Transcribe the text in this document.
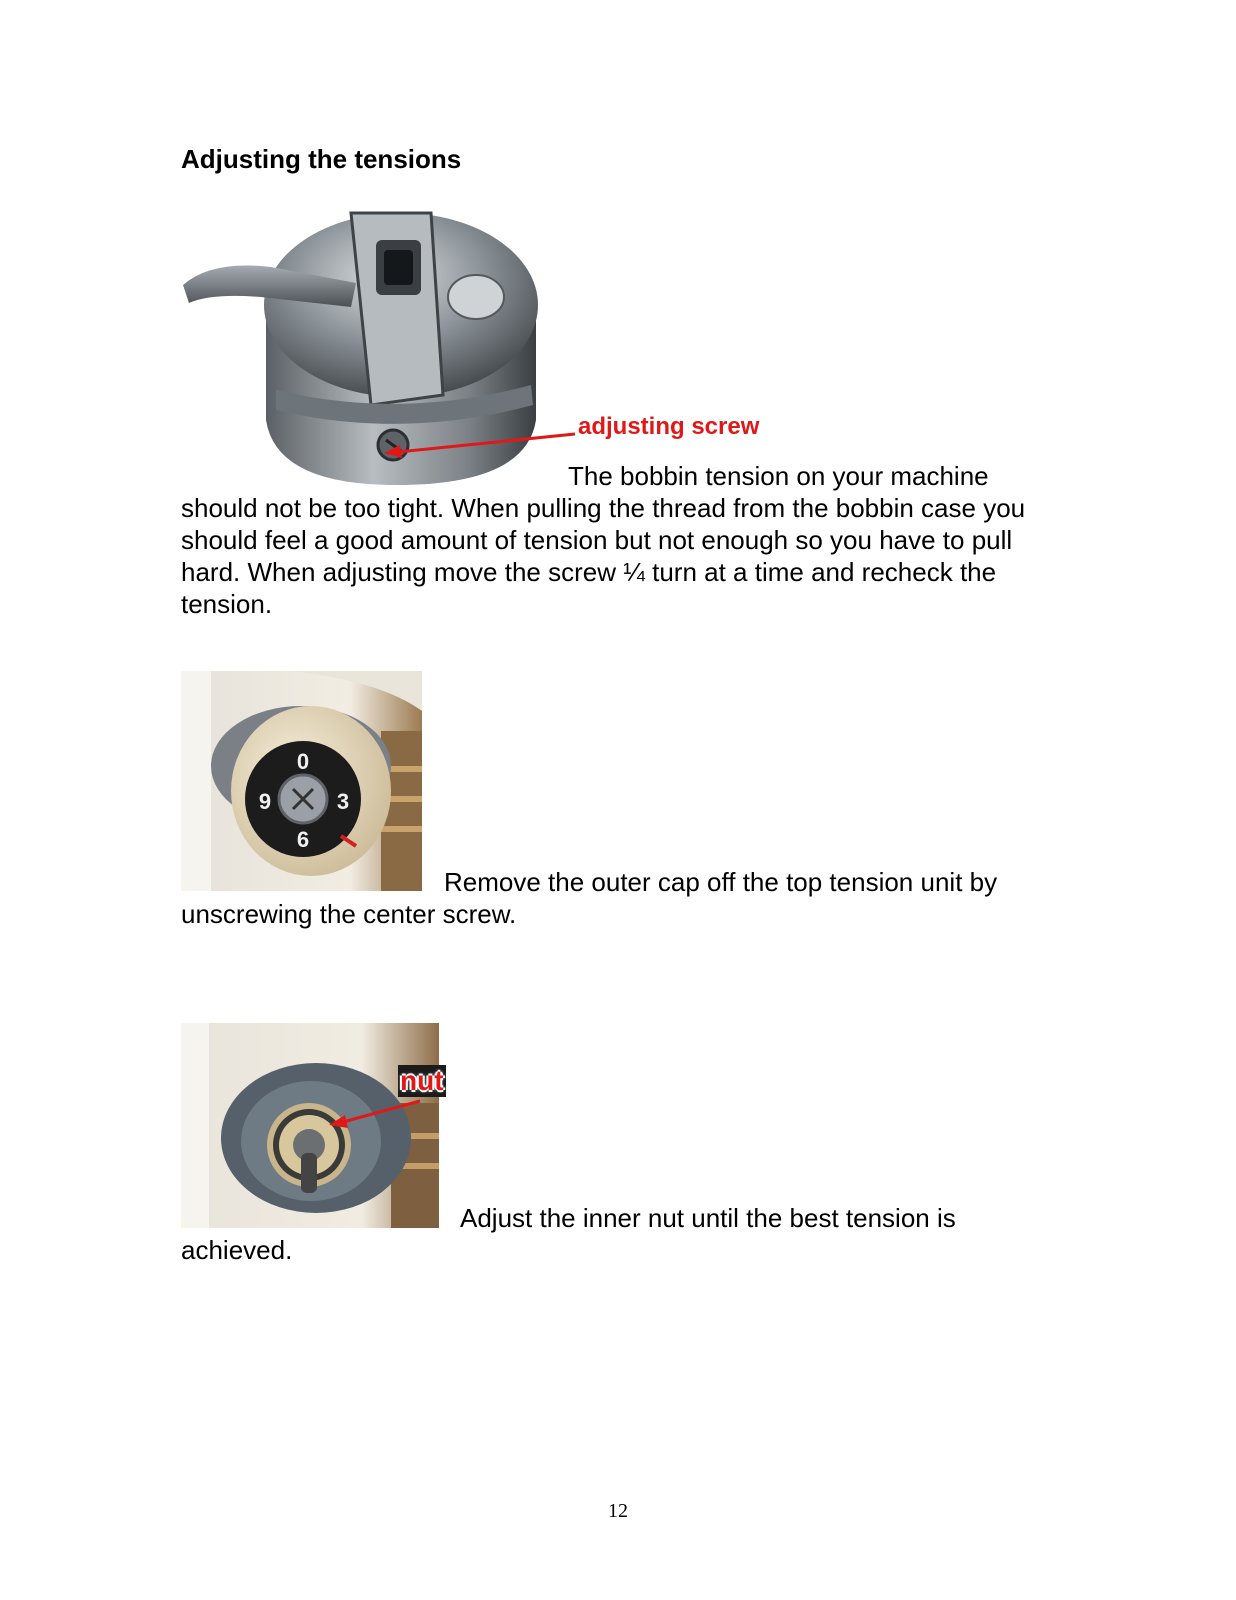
Adjusting the tensions
adjusting screw

The bobbin tension on your machine
should not be too tight. When pulling the thread from the bobbin case you should feel a good amount of tension but not enough so you have to pull hard. When adjusting move the screw ¼ turn at a time and recheck the tension.

0
3
6
9

Remove the outer cap off the top tension unit by
unscrewing the center screw.

nut

Adjust the inner nut until the best tension is
achieved.

12
